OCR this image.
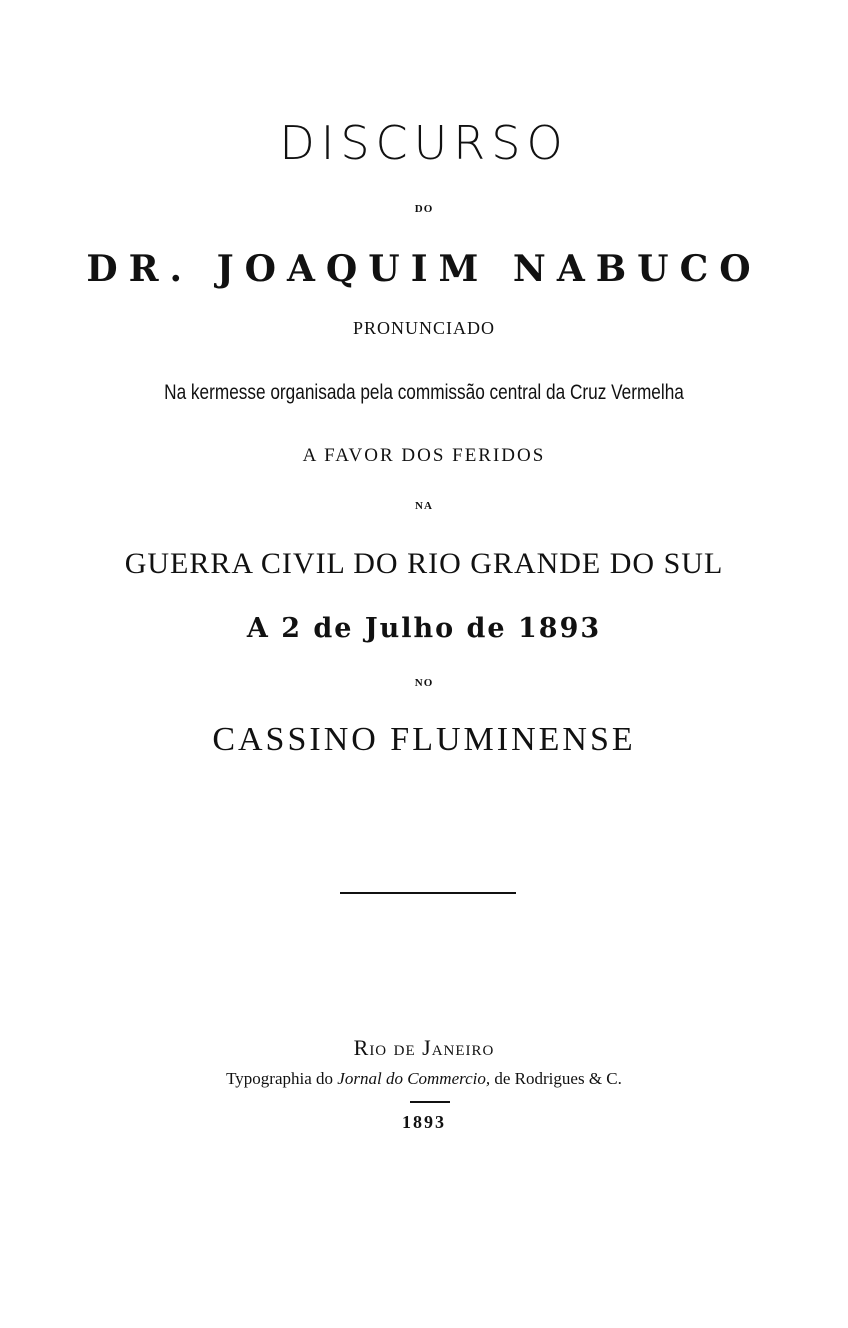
DISCURSO
DO
DR. JOAQUIM NABUCO
PRONUNCIADO
Na kermesse organisada pela commissão central da Cruz Vermelha
A FAVOR DOS FERIDOS
NA
GUERRA CIVIL DO RIO GRANDE DO SUL
A 2 de Julho de 1893
NO
CASSINO FLUMINENSE
Rio de Janeiro
Typographia do Jornal do Commercio, de Rodrigues & C.
1893
